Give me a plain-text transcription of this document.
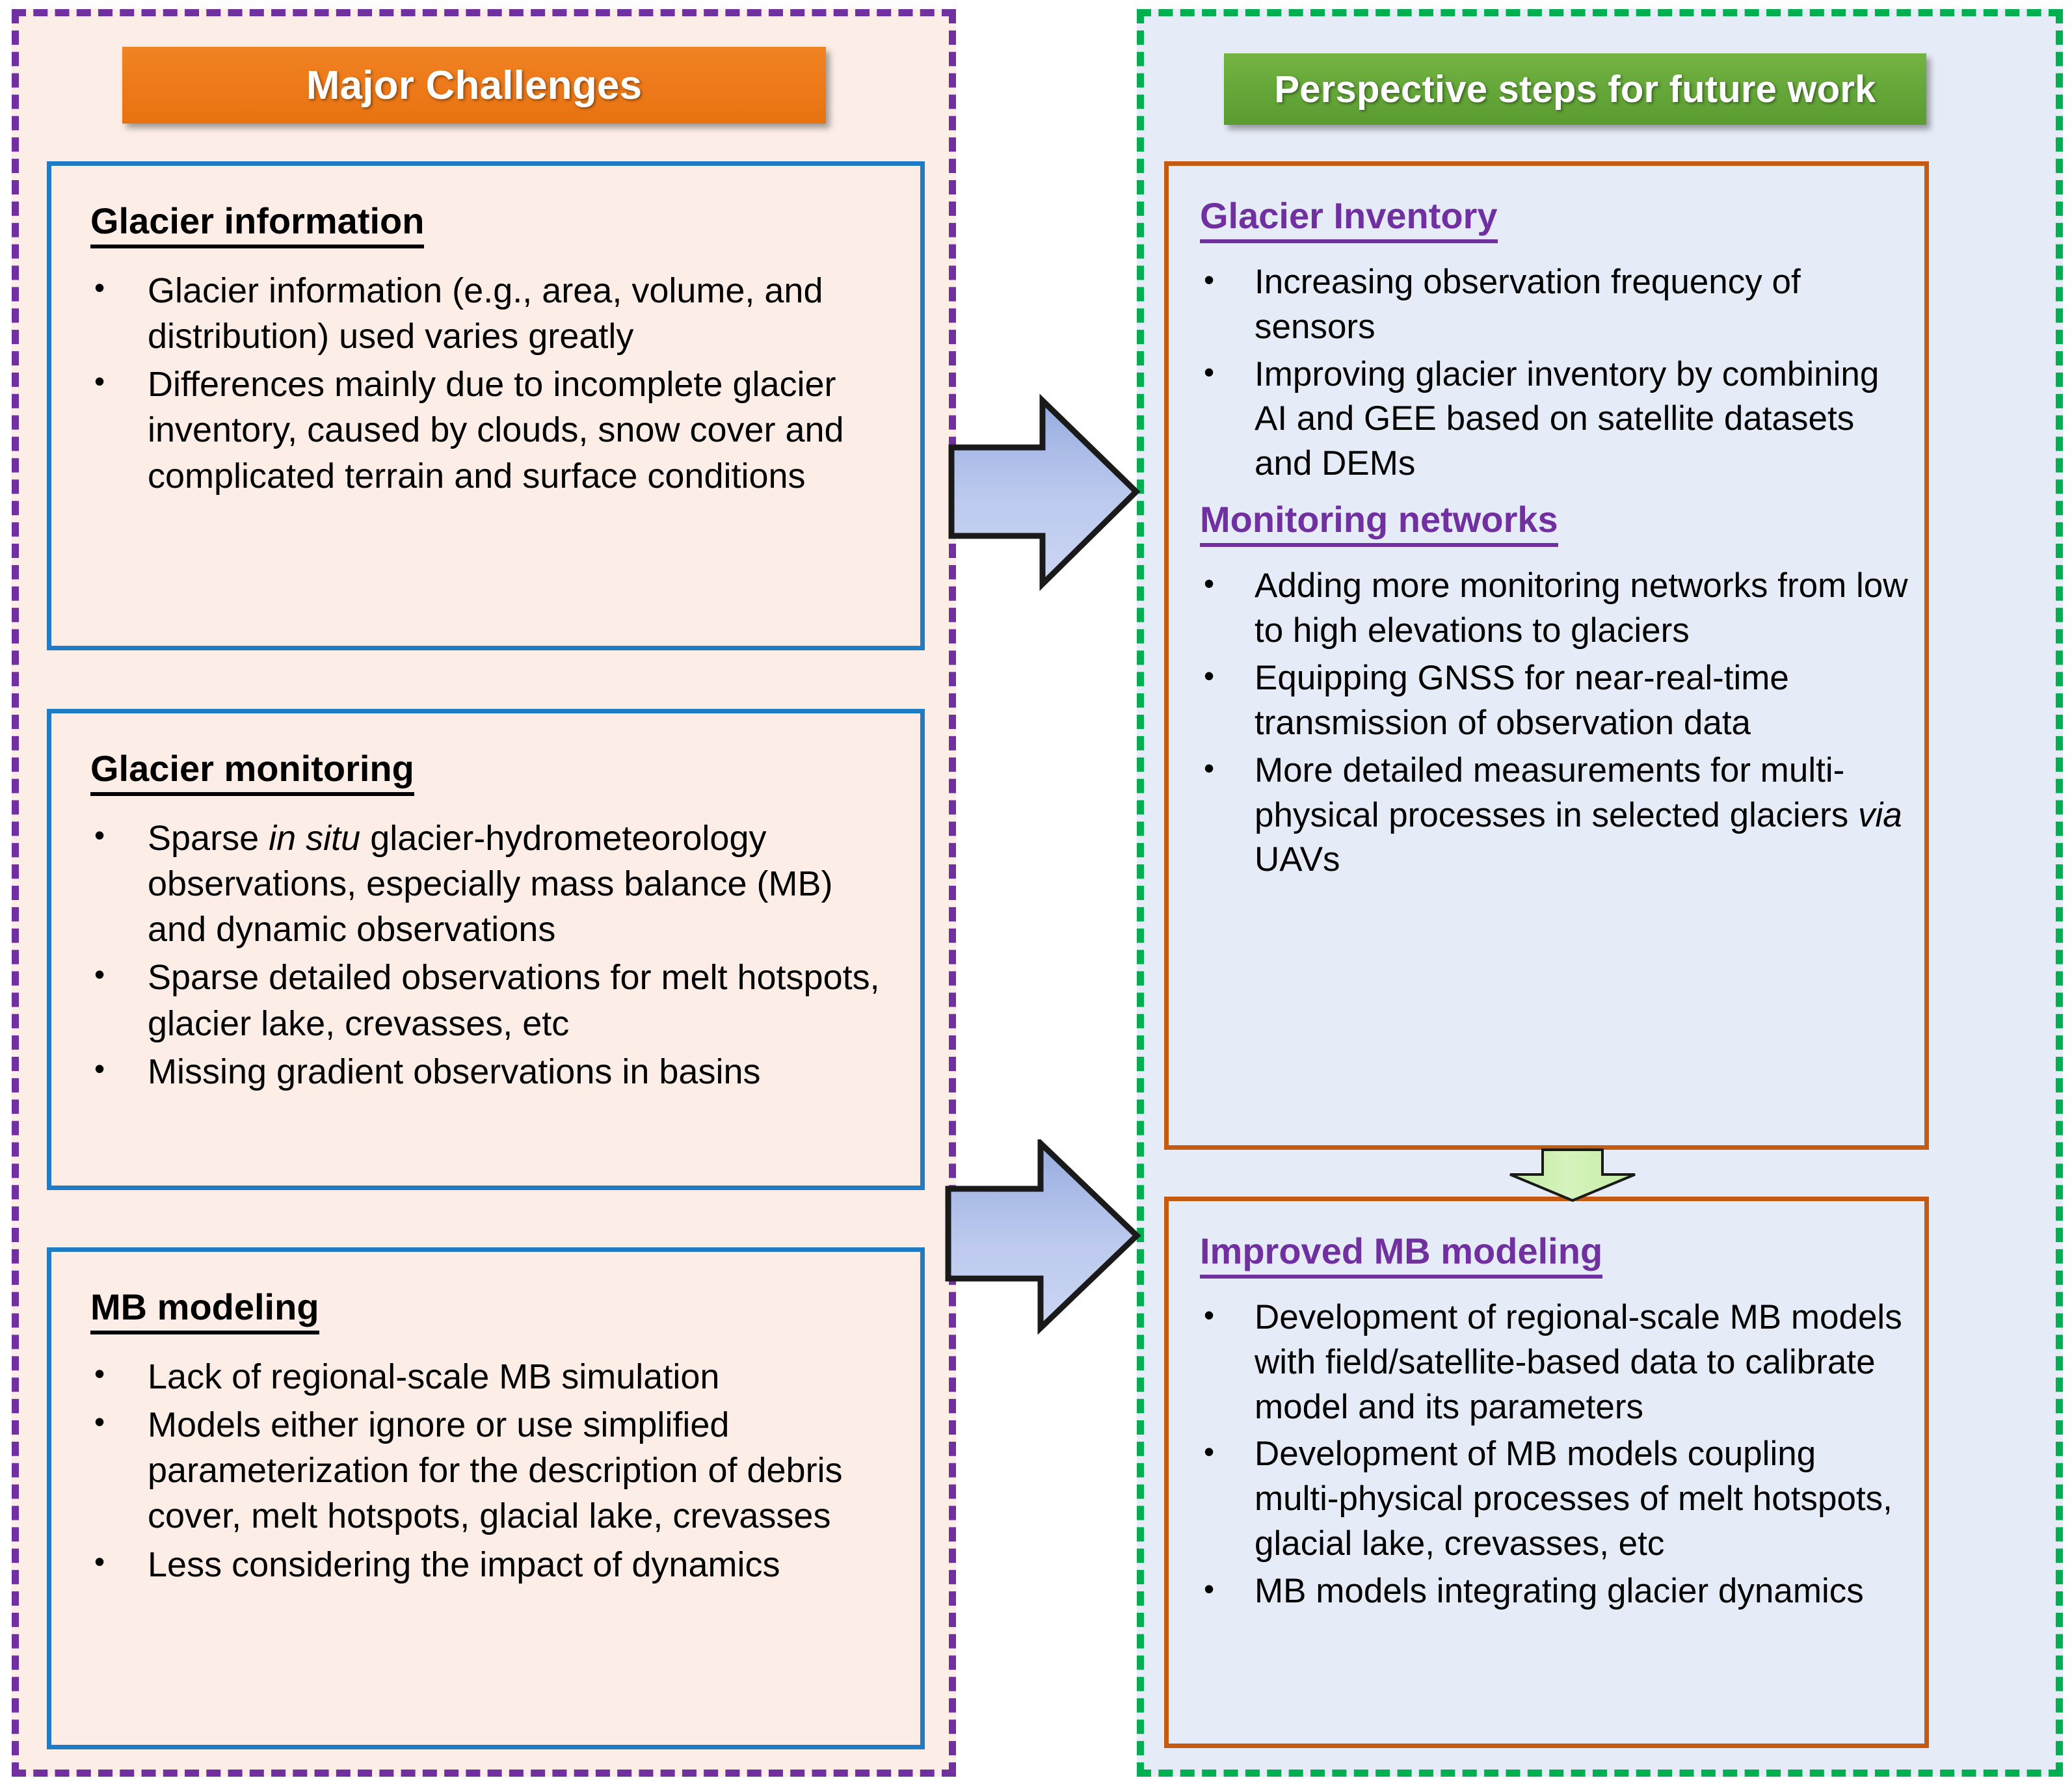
Major Challenges
Glacier information
• Glacier information (e.g., area, volume, and distribution) used varies greatly
• Differences mainly due to incomplete glacier inventory, caused by clouds, snow cover and complicated terrain and surface conditions
Glacier monitoring
• Sparse in situ glacier-hydrometeorology observations, especially mass balance (MB) and dynamic observations
• Sparse detailed observations for melt hotspots, glacier lake, crevasses, etc
• Missing gradient observations in basins
MB modeling
• Lack of regional-scale MB simulation
• Models either ignore or use simplified parameterization for the description of debris cover, melt hotspots, glacial lake, crevasses
• Less considering the impact of dynamics
Perspective steps for future work
Glacier Inventory
• Increasing observation frequency of sensors
• Improving glacier inventory by combining AI and GEE based on satellite datasets and DEMs
Monitoring networks
• Adding more monitoring networks from low to high elevations to glaciers
• Equipping GNSS for near-real-time transmission of observation data
• More detailed measurements for multi-physical processes in selected glaciers via UAVs
Improved MB modeling
• Development of regional-scale MB models with field/satellite-based data to calibrate model and its parameters
• Development of MB models coupling multi-physical processes of melt hotspots, glacial lake, crevasses, etc
• MB models integrating glacier dynamics
